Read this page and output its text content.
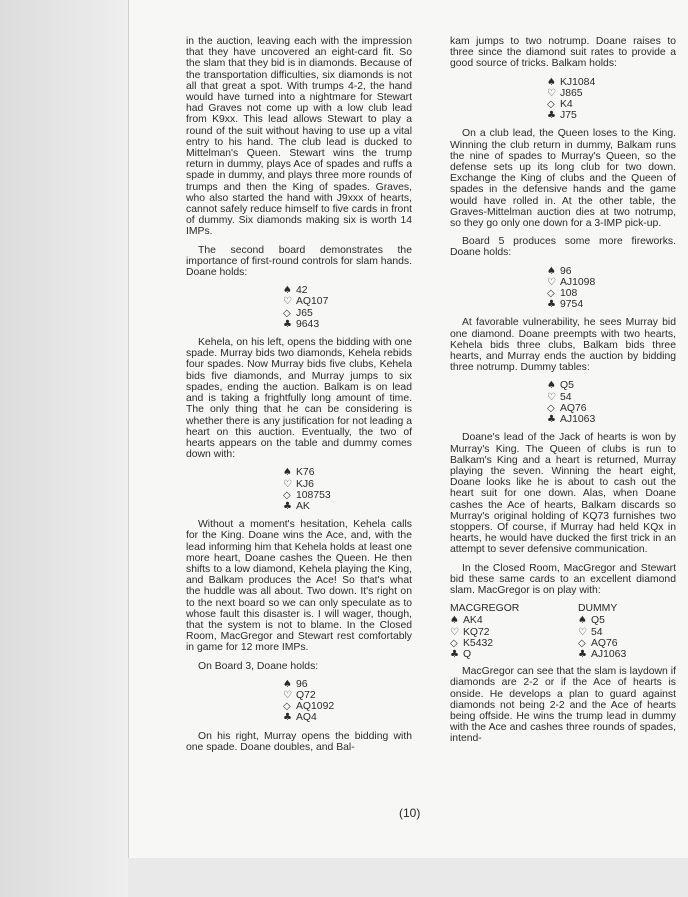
in the auction, leaving each with the impression that they have uncovered an eight-card fit. So the slam that they bid is in diamonds. Because of the transportation difficulties, six diamonds is not all that great a spot. With trumps 4-2, the hand would have turned into a nightmare for Stewart had Graves not come up with a low club lead from K9xx. This lead allows Stewart to play a round of the suit without having to use up a vital entry to his hand. The club lead is ducked to Mittelman's Queen. Stewart wins the trump return in dummy, plays Ace of spades and ruffs a spade in dummy, and plays three more rounds of trumps and then the King of spades. Graves, who also started the hand with J9xxx of hearts, cannot safely reduce himself to five cards in front of dummy. Six diamonds making six is worth 14 IMPs.

The second board demonstrates the importance of first-round controls for slam hands. Doane holds:

♠ 42
♡ AQ107
◇ J65
♣ 9643

Kehela, on his left, opens the bidding with one spade. Murray bids two diamonds, Kehela rebids four spades. Now Murray bids five clubs, Kehela bids five diamonds, and Murray jumps to six spades, ending the auction. Balkam is on lead and is taking a frightfully long amount of time. The only thing that he can be considering is whether there is any justification for not leading a heart on this auction. Eventually, the two of hearts appears on the table and dummy comes down with:

♠ K76
♡ KJ6
◇ 108753
♣ AK

Without a moment's hesitation, Kehela calls for the King. Doane wins the Ace, and, with the lead informing him that Kehela holds at least one more heart, Doane cashes the Queen. He then shifts to a low diamond, Kehela playing the King, and Balkam produces the Ace! So that's what the huddle was all about. Two down. It's right on to the next board so we can only speculate as to whose fault this disaster is. I will wager, though, that the system is not to blame. In the Closed Room, MacGregor and Stewart rest comfortably in game for 12 more IMPs.

On Board 3, Doane holds:

♠ 96
♡ Q72
◇ AQ1092
♣ AQ4

On his right, Murray opens the bidding with one spade. Doane doubles, and Bal-

kam jumps to two notrump. Doane raises to three since the diamond suit rates to provide a good source of tricks. Balkam holds:

♠ KJ1084
♡ J865
◇ K4
♣ J75

On a club lead, the Queen loses to the King. Winning the club return in dummy, Balkam runs the nine of spades to Murray's Queen, so the defense sets up its long club for two down. Exchange the King of clubs and the Queen of spades in the defensive hands and the game would have rolled in. At the other table, the Graves-Mittelman auction dies at two notrump, so they go only one down for a 3-IMP pick-up.

Board 5 produces some more fireworks. Doane holds:

♠ 96
♡ AJ1098
◇ 108
♣ 9754

At favorable vulnerability, he sees Murray bid one diamond. Doane preempts with two hearts, Kehela bids three clubs, Balkam bids three hearts, and Murray ends the auction by bidding three notrump. Dummy tables:

♠ Q5
♡ 54
◇ AQ76
♣ AJ1063

Doane's lead of the Jack of hearts is won by Murray's King. The Queen of clubs is run to Balkam's King and a heart is returned, Murray playing the seven. Winning the heart eight, Doane looks like he is about to cash out the heart suit for one down. Alas, when Doane cashes the Ace of hearts, Balkam discards so Murray's original holding of KQ73 furnishes two stoppers. Of course, if Murray had held KQx in hearts, he would have ducked the first trick in an attempt to sever defensive communication.

In the Closed Room, MacGregor and Stewart bid these same cards to an excellent diamond slam. MacGregor is on play with:

MACGREGOR
♠ AK4
♡ KQ72
◇ K5432
♣ Q
DUMMY
♠ Q5
♡ 54
◇ AQ76
♣ AJ1063

MacGregor can see that the slam is laydown if diamonds are 2-2 or if the Ace of hearts is onside. He develops a plan to guard against diamonds not being 2-2 and the Ace of hearts being offside. He wins the trump lead in dummy with the Ace and cashes three rounds of spades, intend-

(10)
